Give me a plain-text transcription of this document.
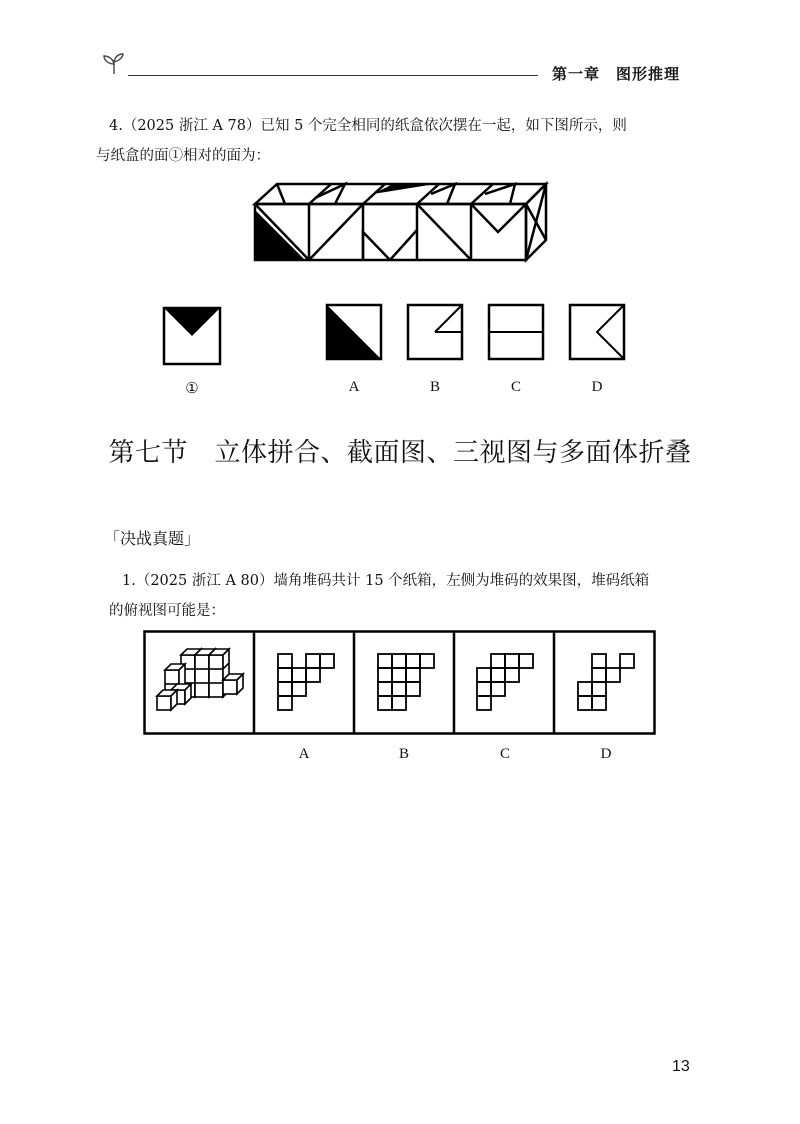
第一章　图形推理
4.（2025 浙江 A 78）已知 5 个完全相同的纸盒依次摆在一起，如下图所示，则
与纸盒的面①相对的面为：
①	A	B	C	D
第七节　立体拼合、截面图、三视图与多面体折叠
「决战真题」
1.（2025 浙江 A 80）墙角堆码共计 15 个纸箱，左侧为堆码的效果图，堆码纸箱
的俯视图可能是：
A	B	C	D
13
